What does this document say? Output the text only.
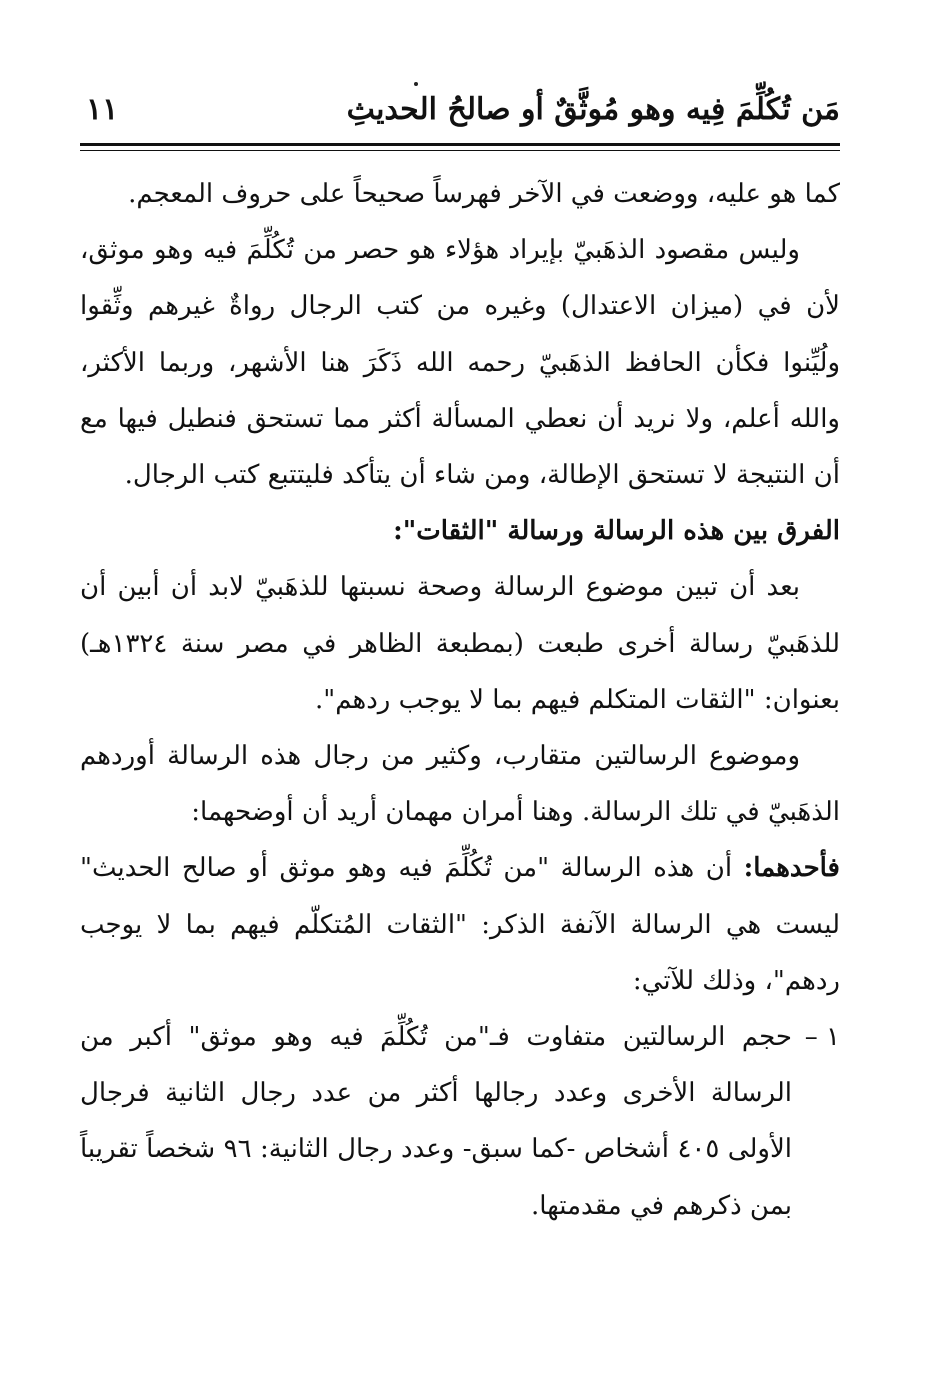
مَن تُكُلِّمَ فِيه وهو مُوثَّقٌ أو صالحُ الحديثِ
١١

كما هو عليه، ووضعت في الآخر فهرساً صحيحاً على حروف المعجم.

وليس مقصود الذهَبيّ بإيراد هؤلاء هو حصر من تُكُلِّمَ فيه وهو موثق، لأن في (ميزان الاعتدال) وغيره من كتب الرجال رواةٌ غيرهم وثِّقوا ولُيِّنوا فكأن الحافظ الذهَبيّ رحمه الله ذَكَرَ هنا الأشهر، وربما الأكثر، والله أعلم، ولا نريد أن نعطي المسألة أكثر مما تستحق فنطيل فيها مع أن النتيجة لا تستحق الإطالة، ومن شاء أن يتأكد فليتتبع كتب الرجال.

الفرق بين هذه الرسالة ورسالة "الثقات":

بعد أن تبين موضوع الرسالة وصحة نسبتها للذهَبيّ لابد أن أبين أن للذهَبيّ رسالة أخرى طبعت (بمطبعة الظاهر في مصر سنة ١٣٢٤هـ) بعنوان: "الثقات المتكلم فيهم بما لا يوجب ردهم".

وموضوع الرسالتين متقارب، وكثير من رجال هذه الرسالة أوردهم الذهَبيّ في تلك الرسالة. وهنا أمران مهمان أريد أن أوضحهما:

فأحدهما: أن هذه الرسالة "من تُكُلِّمَ فيه وهو موثق أو صالح الحديث" ليست هي الرسالة الآنفة الذكر: "الثقات المُتكلّم فيهم بما لا يوجب ردهم"، وذلك للآتي:

١ –
حجم الرسالتين متفاوت فـ"من تُكُلِّمَ فيه وهو موثق" أكبر من الرسالة الأخرى وعدد رجالها أكثر من عدد رجال الثانية فرجال الأولى ٤٠٥ أشخاص -كما سبق- وعدد رجال الثانية: ٩٦ شخصاً تقريباً بمن ذكرهم في مقدمتها.
